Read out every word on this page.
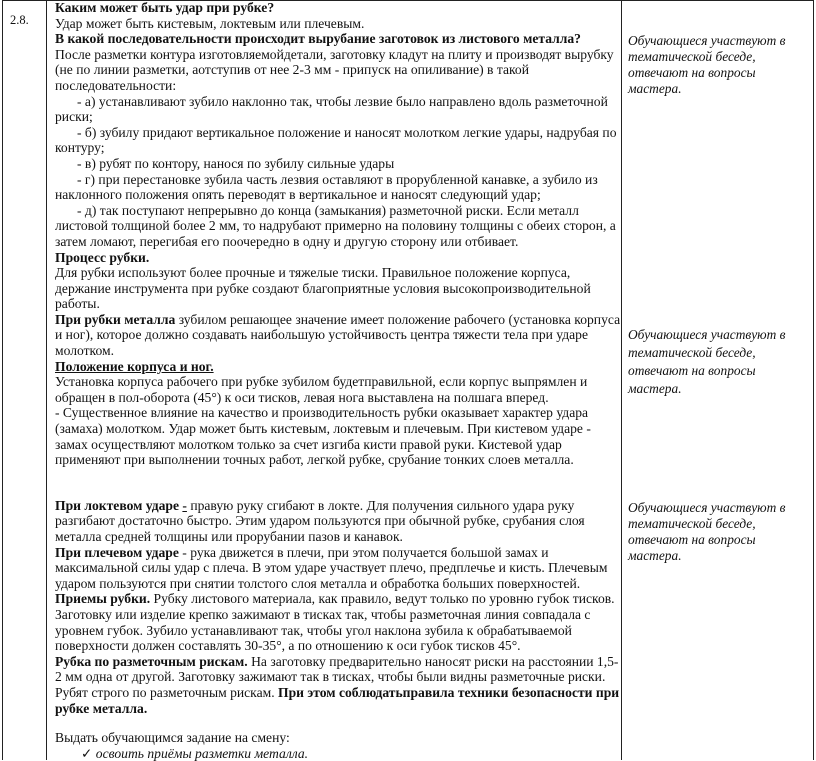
2.8.

Каким может быть удар при рубке?

Удар может быть кистевым, локтевым или плечевым.

В какой последовательности происходит вырубание заготовок из листового металла?

После разметки контура изготовляемойдетали, заготовку кладут на плиту и производят вырубку (не по линии разметки, аотступив от нее 2-3 мм - припуск на опиливание) в такой последовательности:

- а) устанавливают зубило наклонно так, чтобы лезвие было направлено вдоль разметочной риски;

- б) зубилу придают вертикальное положение и наносят молотком легкие удары, надрубая по контуру;

- в) рубят по контору, нанося по зубилу сильные удары

- г) при перестановке зубила часть лезвия оставляют в прорубленной канавке, а зубило из наклонного положения опять переводят в вертикальное и наносят следующий удар;

- д) так поступают непрерывно до конца (замыкания) разметочной риски. Если металл листовой толщиной более 2 мм, то надрубают примерно на половину толщины с обеих сторон, а затем ломают, перегибая его поочередно в одну и другую сторону или отбивает.

Процесс рубки.

Для рубки используют более прочные и тяжелые тиски. Правильное положение корпуса, держание инструмента при рубке создают благоприятные условия высокопроизводительной работы.

При рубки металла зубилом решающее значение имеет положение рабочего (установка корпуса и ног), которое должно создавать наибольшую устойчивость центра тяжести тела при ударе молотком.

Положение корпуса и ног.

Установка корпуса рабочего при рубке зубилом будетправильной, если корпус выпрямлен и обращен в пол-оборота (45°) к оси тисков, левая нога выставлена на полшага вперед.

- Существенное влияние на качество и производительность рубки оказывает характер удара (замаха) молотком. Удар может быть кистевым, локтевым и плечевым. При кистевом ударе - замах осуществляют молотком только за счет изгиба кисти правой руки. Кистевой удар применяют при выполнении точных работ, легкой рубке, срубание тонких слоев металла.

При локтевом ударе - правую руку сгибают в локте. Для получения сильного удара руку разгибают достаточно быстро. Этим ударом пользуются при обычной рубке, срубания слоя металла средней толщины или прорубании пазов и канавок.

При плечевом ударе - рука движется в плечи, при этом получается большой замах и максимальной силы удар с плеча. В этом ударе участвует плечо, предплечье и кисть. Плечевым ударом пользуются при снятии толстого слоя металла и обработка больших поверхностей.

Приемы рубки. Рубку листового материала, как правило, ведут только по уровню губок тисков. Заготовку или изделие крепко зажимают в тисках так, чтобы разметочная линия совпадала с уровнем губок. Зубило устанавливают так, чтобы угол наклона зубила к обрабатываемой поверхности должен составлять 30-35°, а по отношению к оси губок тисков 45°.

Рубка по разметочным рискам. На заготовку предварительно наносят риски на расстоянии 1,5-2 мм одна от другой. Заготовку зажимают так в тисках, чтобы были видны разметочные риски. Рубят строго по разметочным рискам. При этом соблюдатьправила техники безопасности при рубке металла.

Выдать обучающимся задание на смену:

✓ освоить приёмы разметки металла.

Обучающиеся участвуют в тематической беседе, отвечают на вопросы мастера.
Обучающиеся участвуют в тематической беседе, отвечают на вопросы мастера.
Обучающиеся участвуют в тематической беседе, отвечают на вопросы мастера.
